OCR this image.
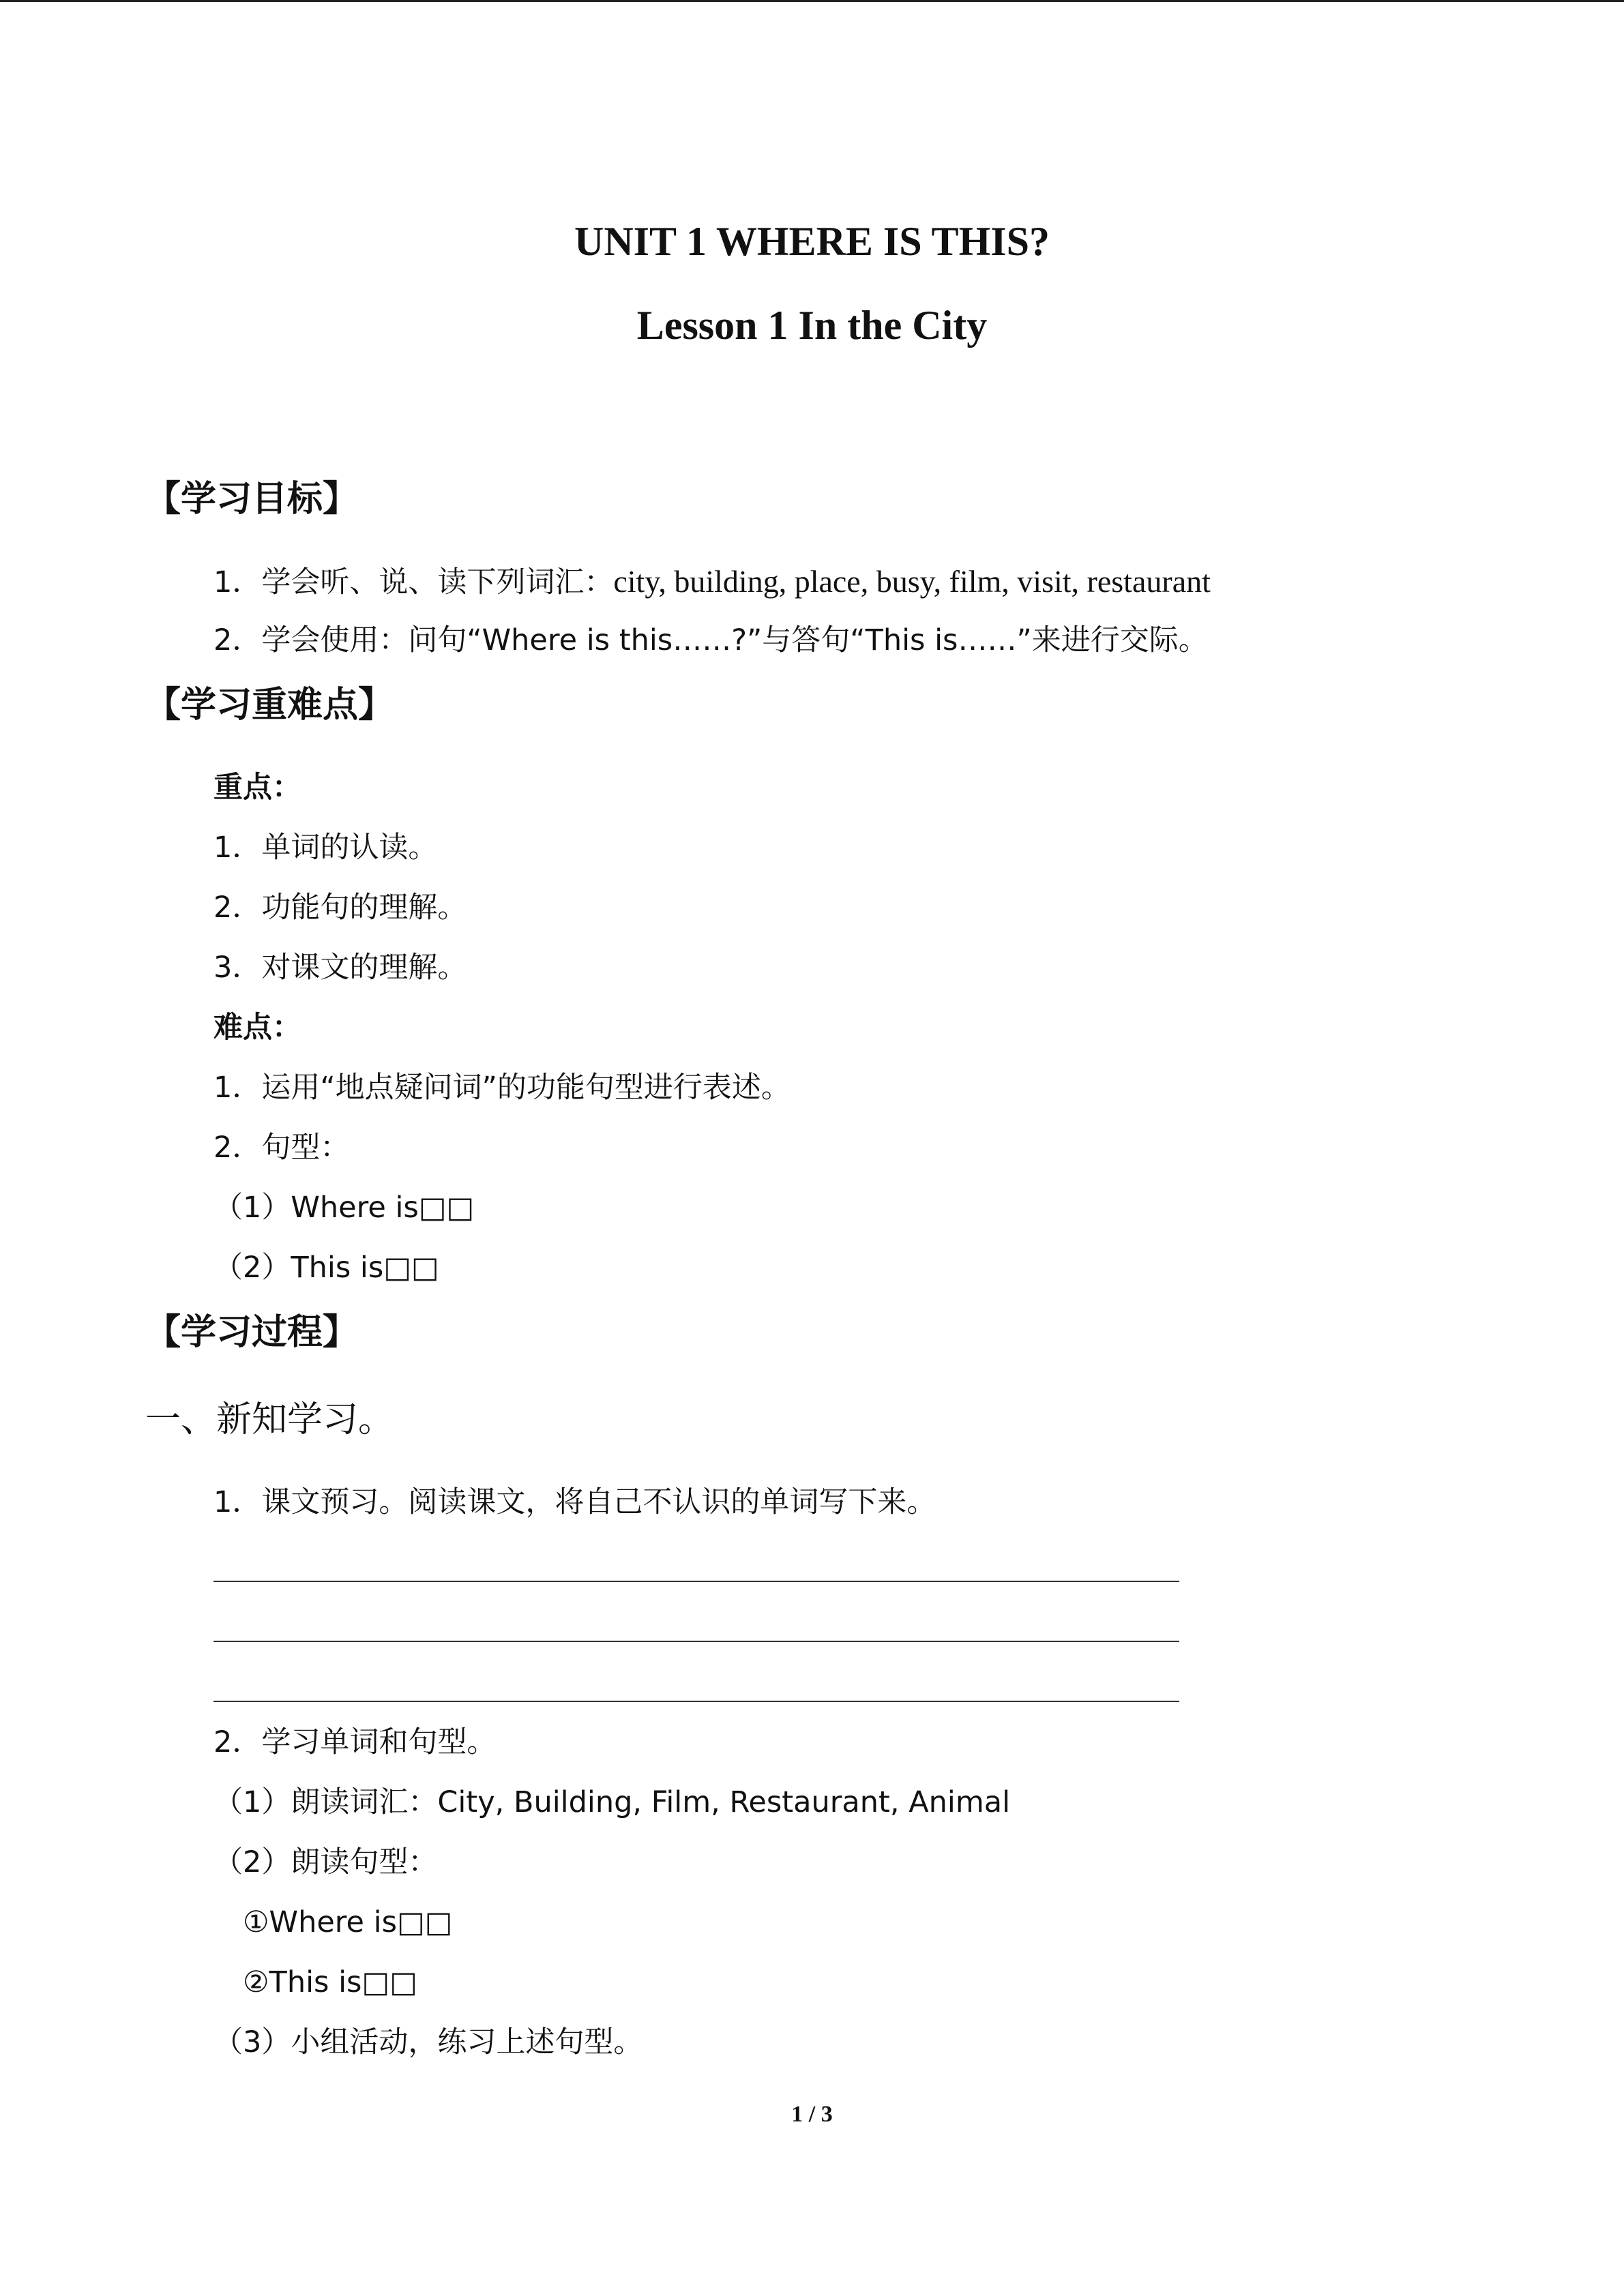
UNIT 1 WHERE IS THIS?
Lesson 1 In the City
【学习目标】
1．学会听、说、读下列词汇：city, building, place, busy, film, visit, restaurant
2．学会使用：问句“Where is this……?”与答句“This is……”来进行交际。
【学习重难点】
重点：
1．单词的认读。
2．功能句的理解。
3．对课文的理解。
难点：
1．运用“地点疑问词”的功能句型进行表述。
2．句型：
（1）Where is□□
（2）This is□□
【学习过程】
一、新知学习。
1．课文预习。阅读课文，将自己不认识的单词写下来。
2．学习单词和句型。
（1）朗读词汇：City, Building, Film, Restaurant, Animal
（2）朗读句型：
①Where is□□
②This is□□
（3）小组活动，练习上述句型。
1 / 3
